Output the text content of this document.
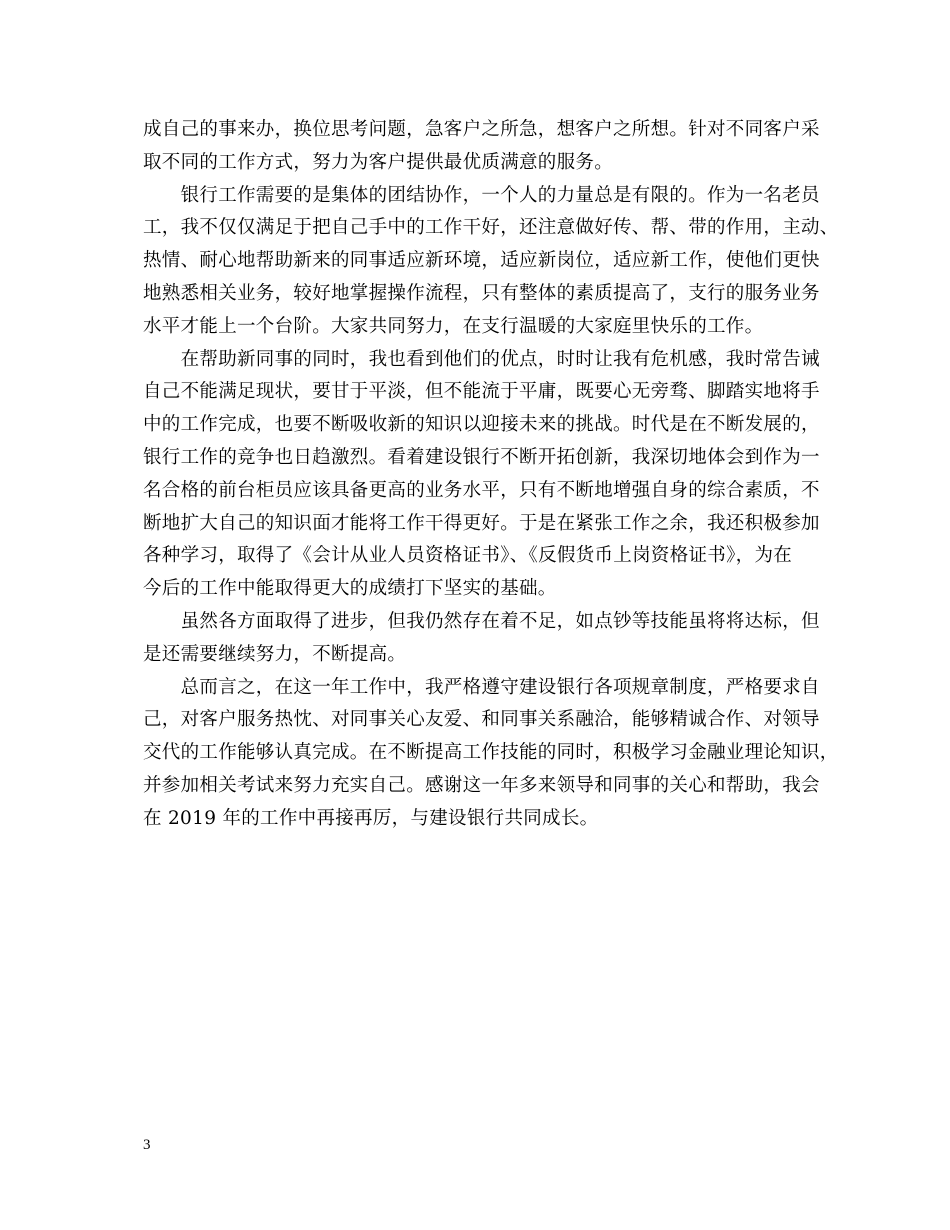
成自己的事来办，换位思考问题，急客户之所急，想客户之所想。针对不同客户采
取不同的工作方式，努力为客户提供最优质满意的服务。
　　银行工作需要的是集体的团结协作，一个人的力量总是有限的。作为一名老员
工，我不仅仅满足于把自己手中的工作干好，还注意做好传、帮、带的作用，主动、
热情、耐心地帮助新来的同事适应新环境，适应新岗位，适应新工作，使他们更快
地熟悉相关业务，较好地掌握操作流程，只有整体的素质提高了，支行的服务业务
水平才能上一个台阶。大家共同努力，在支行温暖的大家庭里快乐的工作。
　　在帮助新同事的同时，我也看到他们的优点，时时让我有危机感，我时常告诫
自己不能满足现状，要甘于平淡，但不能流于平庸，既要心无旁骛、脚踏实地将手
中的工作完成，也要不断吸收新的知识以迎接未来的挑战。时代是在不断发展的，
银行工作的竞争也日趋激烈。看着建设银行不断开拓创新，我深切地体会到作为一
名合格的前台柜员应该具备更高的业务水平，只有不断地增强自身的综合素质，不
断地扩大自己的知识面才能将工作干得更好。于是在紧张工作之余，我还积极参加
各种学习，取得了《会计从业人员资格证书》、《反假货币上岗资格证书》，为在
今后的工作中能取得更大的成绩打下坚实的基础。
　　虽然各方面取得了进步，但我仍然存在着不足，如点钞等技能虽将将达标，但
是还需要继续努力，不断提高。
　　总而言之，在这一年工作中，我严格遵守建设银行各项规章制度，严格要求自
己，对客户服务热忱、对同事关心友爱、和同事关系融洽，能够精诚合作、对领导
交代的工作能够认真完成。在不断提高工作技能的同时，积极学习金融业理论知识，
并参加相关考试来努力充实自己。感谢这一年多来领导和同事的关心和帮助，我会
在 2019 年的工作中再接再厉，与建设银行共同成长。
3
